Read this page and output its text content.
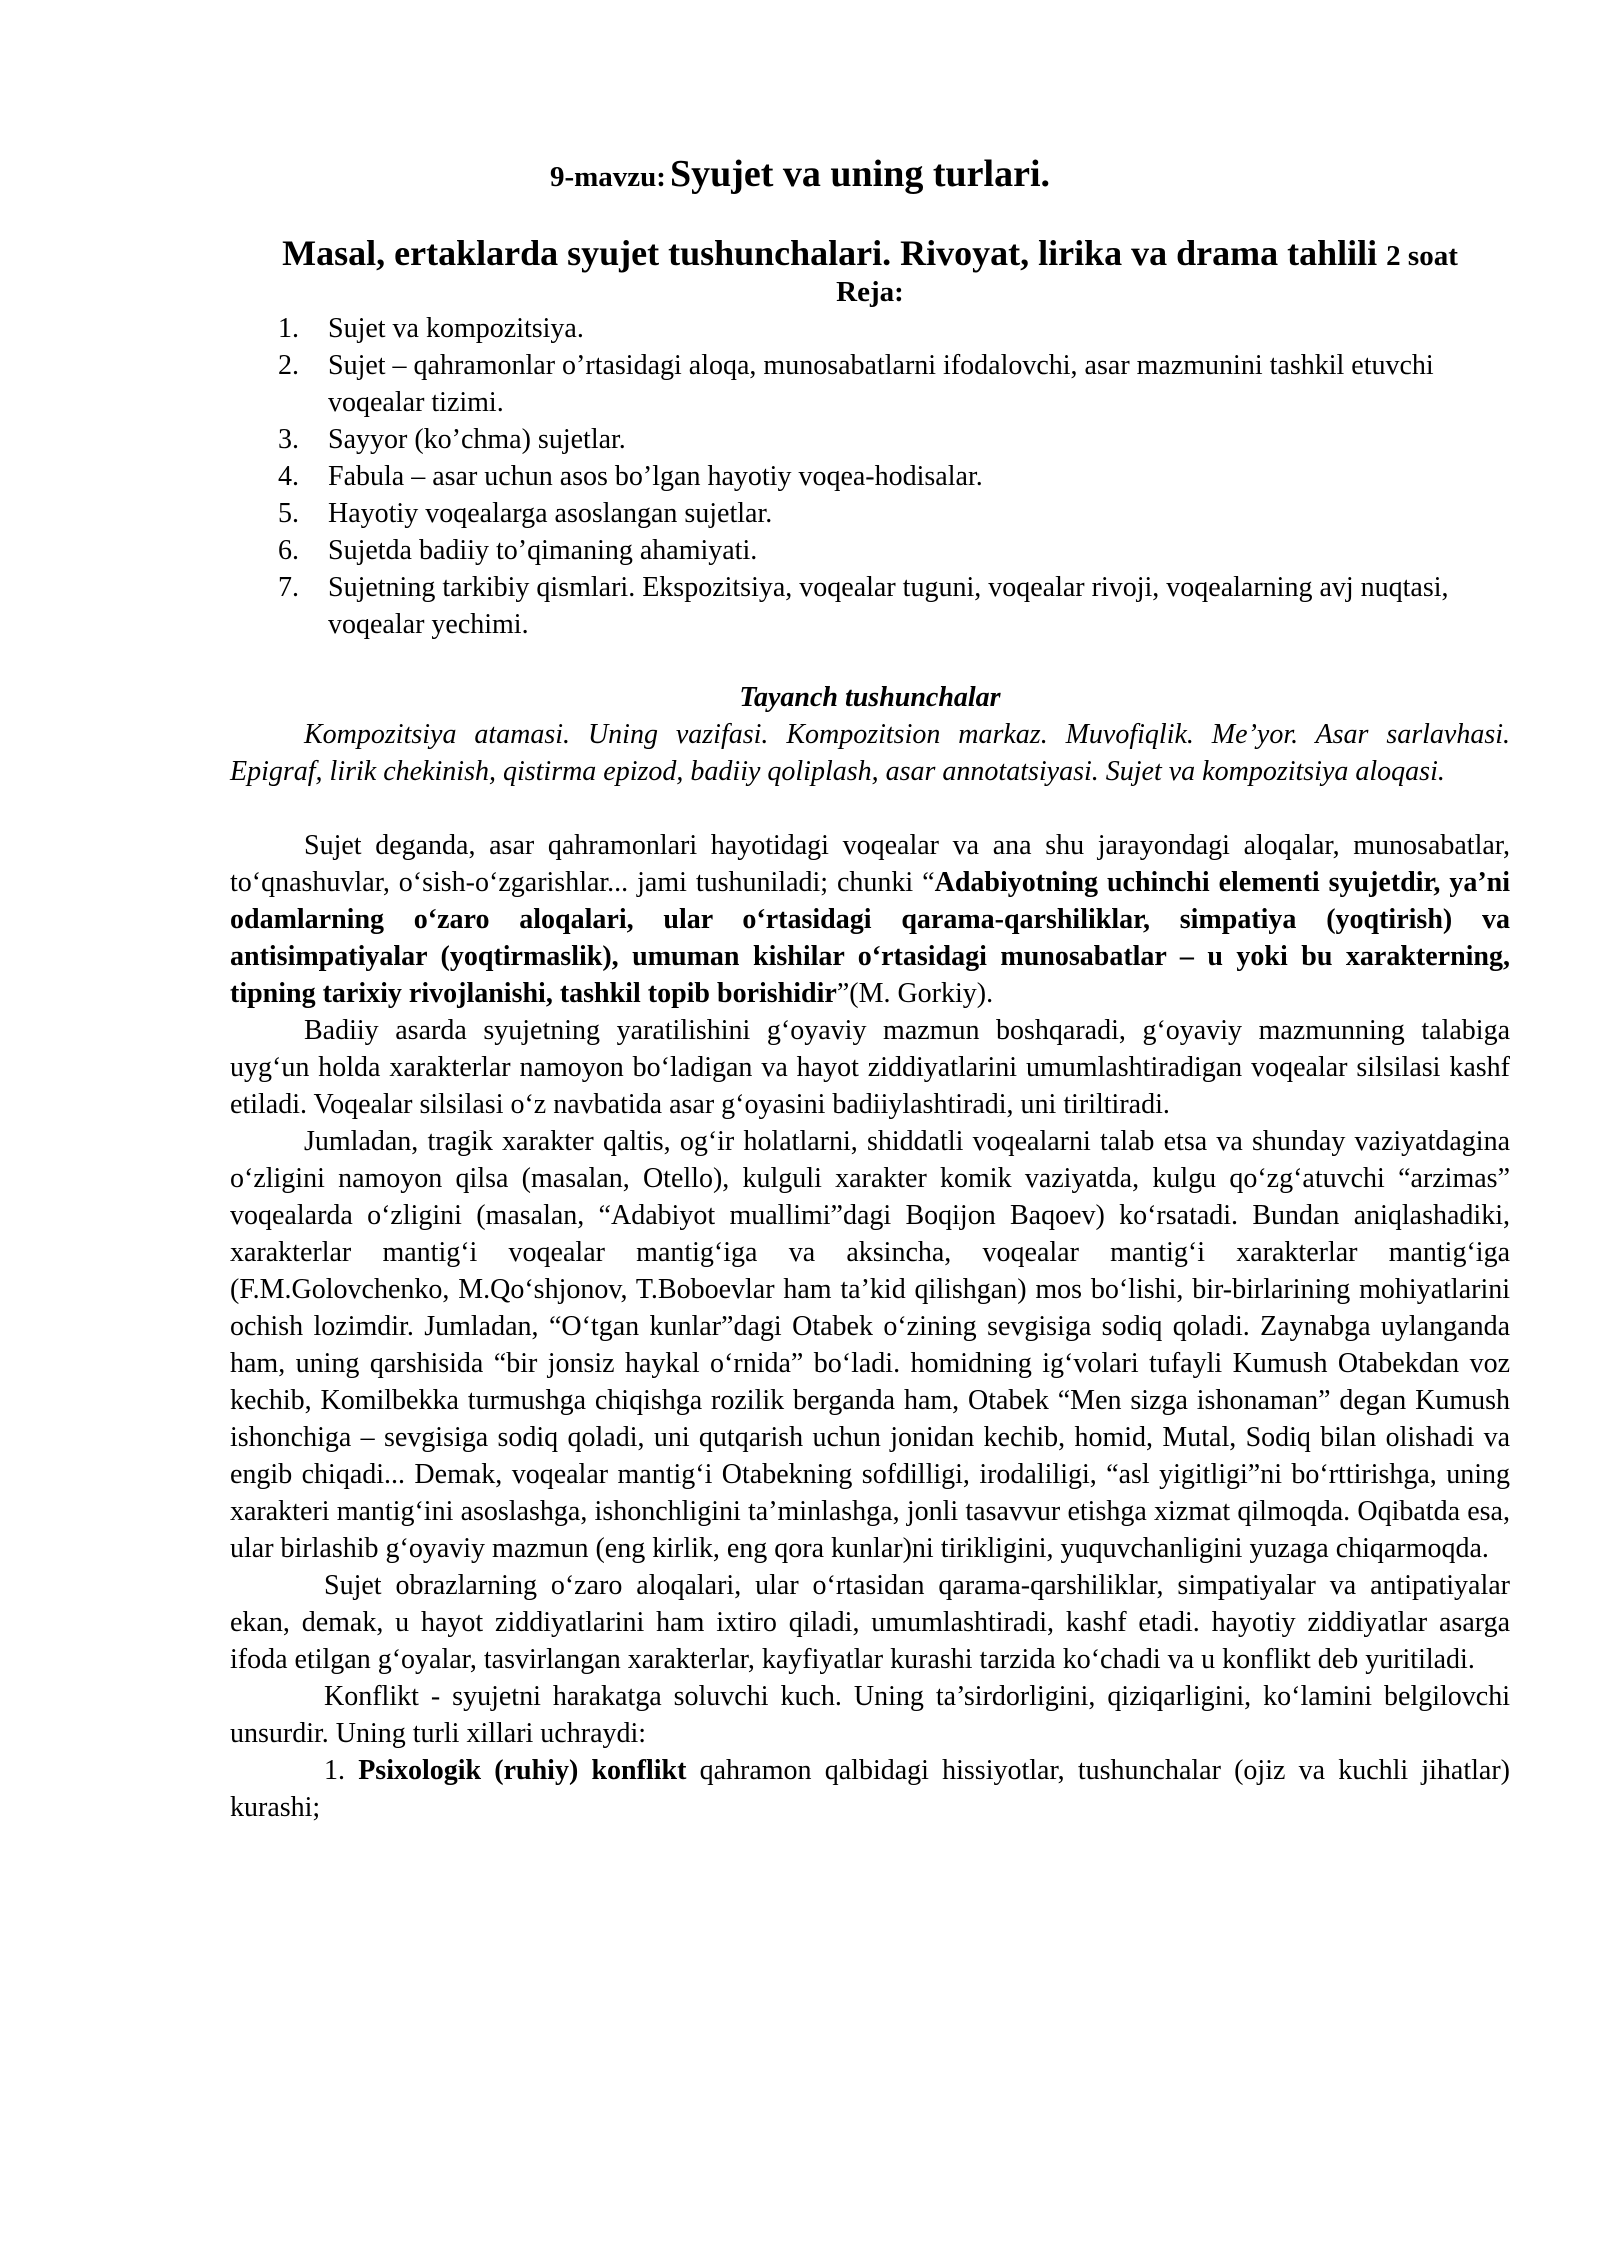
9-mavzu: Syujet va uning turlari.
Masal, ertaklarda syujet tushunchalari. Rivoyat, lirika va drama tahlili 2 soat
Reja:
1. Sujet va kompozitsiya.
2. Sujet – qahramonlar o’rtasidagi aloqa, munosabatlarni ifodalovchi, asar mazmunini tashkil etuvchi voqealar tizimi.
3. Sayyor (ko’chma) sujetlar.
4. Fabula – asar uchun asos bo’lgan hayotiy voqea-hodisalar.
5. Hayotiy voqealarga asoslangan sujetlar.
6. Sujetda badiiy to’qimaning ahamiyati.
7. Sujetning tarkibiy qismlari. Ekspozitsiya, voqealar tuguni, voqealar rivoji, voqealarning avj nuqtasi, voqealar yechimi.
Tayanch tushunchalar

Kompozitsiya atamasi. Uning vazifasi. Kompozitsion markaz. Muvofiqlik. Me’yor. Asar sarlavhasi. Epigraf, lirik chekinish, qistirma epizod, badiiy qoliplash, asar annotatsiyasi. Sujet va kompozitsiya aloqasi.

Sujet deganda, asar qahramonlari hayotidagi voqealar va ana shu jarayondagi aloqalar, munosabatlar, to‘qnashuvlar, o‘sish-o‘zgarishlar... jami tushuniladi; chunki “Adabiyotning uchinchi elementi syujetdir, ya’ni odamlarning o‘zaro aloqalari, ular o‘rtasidagi qarama-qarshiliklar, simpatiya (yoqtirish) va antisimpatiyalar (yoqtirmaslik), umuman kishilar o‘rtasidagi munosabatlar – u yoki bu xarakterning, tipning tarixiy rivojlanishi, tashkil topib borishidir”(M. Gorkiy).

Badiiy asarda syujetning yaratilishini g‘oyaviy mazmun boshqaradi, g‘oyaviy mazmunning talabiga uyg‘un holda xarakterlar namoyon bo‘ladigan va hayot ziddiyatlarini umumlashtiradigan voqealar silsilasi kashf etiladi. Voqealar silsilasi o‘z navbatida asar g‘oyasini badiiylashtiradi, uni tiriltiradi.

Jumladan, tragik xarakter qaltis, og‘ir holatlarni, shiddatli voqealarni talab etsa va shunday vaziyatdagina o‘zligini namoyon qilsa (masalan, Otello), kulguli xarakter komik vaziyatda, kulgu qo‘zg‘atuvchi “arzimas” voqealarda o‘zligini (masalan, “Adabiyot muallimi”dagi Boqijon Baqoev) ko‘rsatadi. Bundan aniqlashadiki, xarakterlar mantig‘i voqealar mantig‘iga va aksincha, voqealar mantig‘i xarakterlar mantig‘iga (F.M.Golovchenko, M.Qo‘shjonov, T.Boboevlar ham ta’kid qilishgan) mos bo‘lishi, bir-birlarining mohiyatlarini ochish lozimdir. Jumladan, “O‘tgan kunlar”dagi Otabek o‘zining sevgisiga sodiq qoladi. Zaynabga uylanganda ham, uning qarshisida “bir jonsiz haykal o‘rnida” bo‘ladi. homidning ig‘volari tufayli Kumush Otabekdan voz kechib, Komilbekka turmushga chiqishga rozilik berganda ham, Otabek “Men sizga ishonaman” degan Kumush ishonchiga – sevgisiga sodiq qoladi, uni qutqarish uchun jonidan kechib, homid, Mutal, Sodiq bilan olishadi va engib chiqadi... Demak, voqealar mantig‘i Otabekning sofdilligi, irodaliligi, “asl yigitligi”ni bo‘rttirishga, uning xarakteri mantig‘ini asoslashga, ishonchligini ta’minlashga, jonli tasavvur etishga xizmat qilmoqda. Oqibatda esa, ular birlashib g‘oyaviy mazmun (eng kirlik, eng qora kunlar)ni tirikligini, yuquvchanligini yuzaga chiqarmoqda.

Sujet obrazlarning o‘zaro aloqalari, ular o‘rtasidan qarama-qarshiliklar, simpatiyalar va antipatiyalar ekan, demak, u hayot ziddiyatlarini ham ixtiro qiladi, umumlashtiradi, kashf etadi. hayotiy ziddiyatlar asarga ifoda etilgan g‘oyalar, tasvirlangan xarakterlar, kayfiyatlar kurashi tarzida ko‘chadi va u konflikt deb yuritiladi.

Konflikt - syujetni harakatga soluvchi kuch. Uning ta’sirdorligini, qiziqarligini, ko‘lamini belgilovchi unsurdir. Uning turli xillari uchraydi:

1. Psixologik (ruhiy) konflikt qahramon qalbidagi hissiyotlar, tushunchalar (ojiz va kuchli jihatlar) kurashi;
